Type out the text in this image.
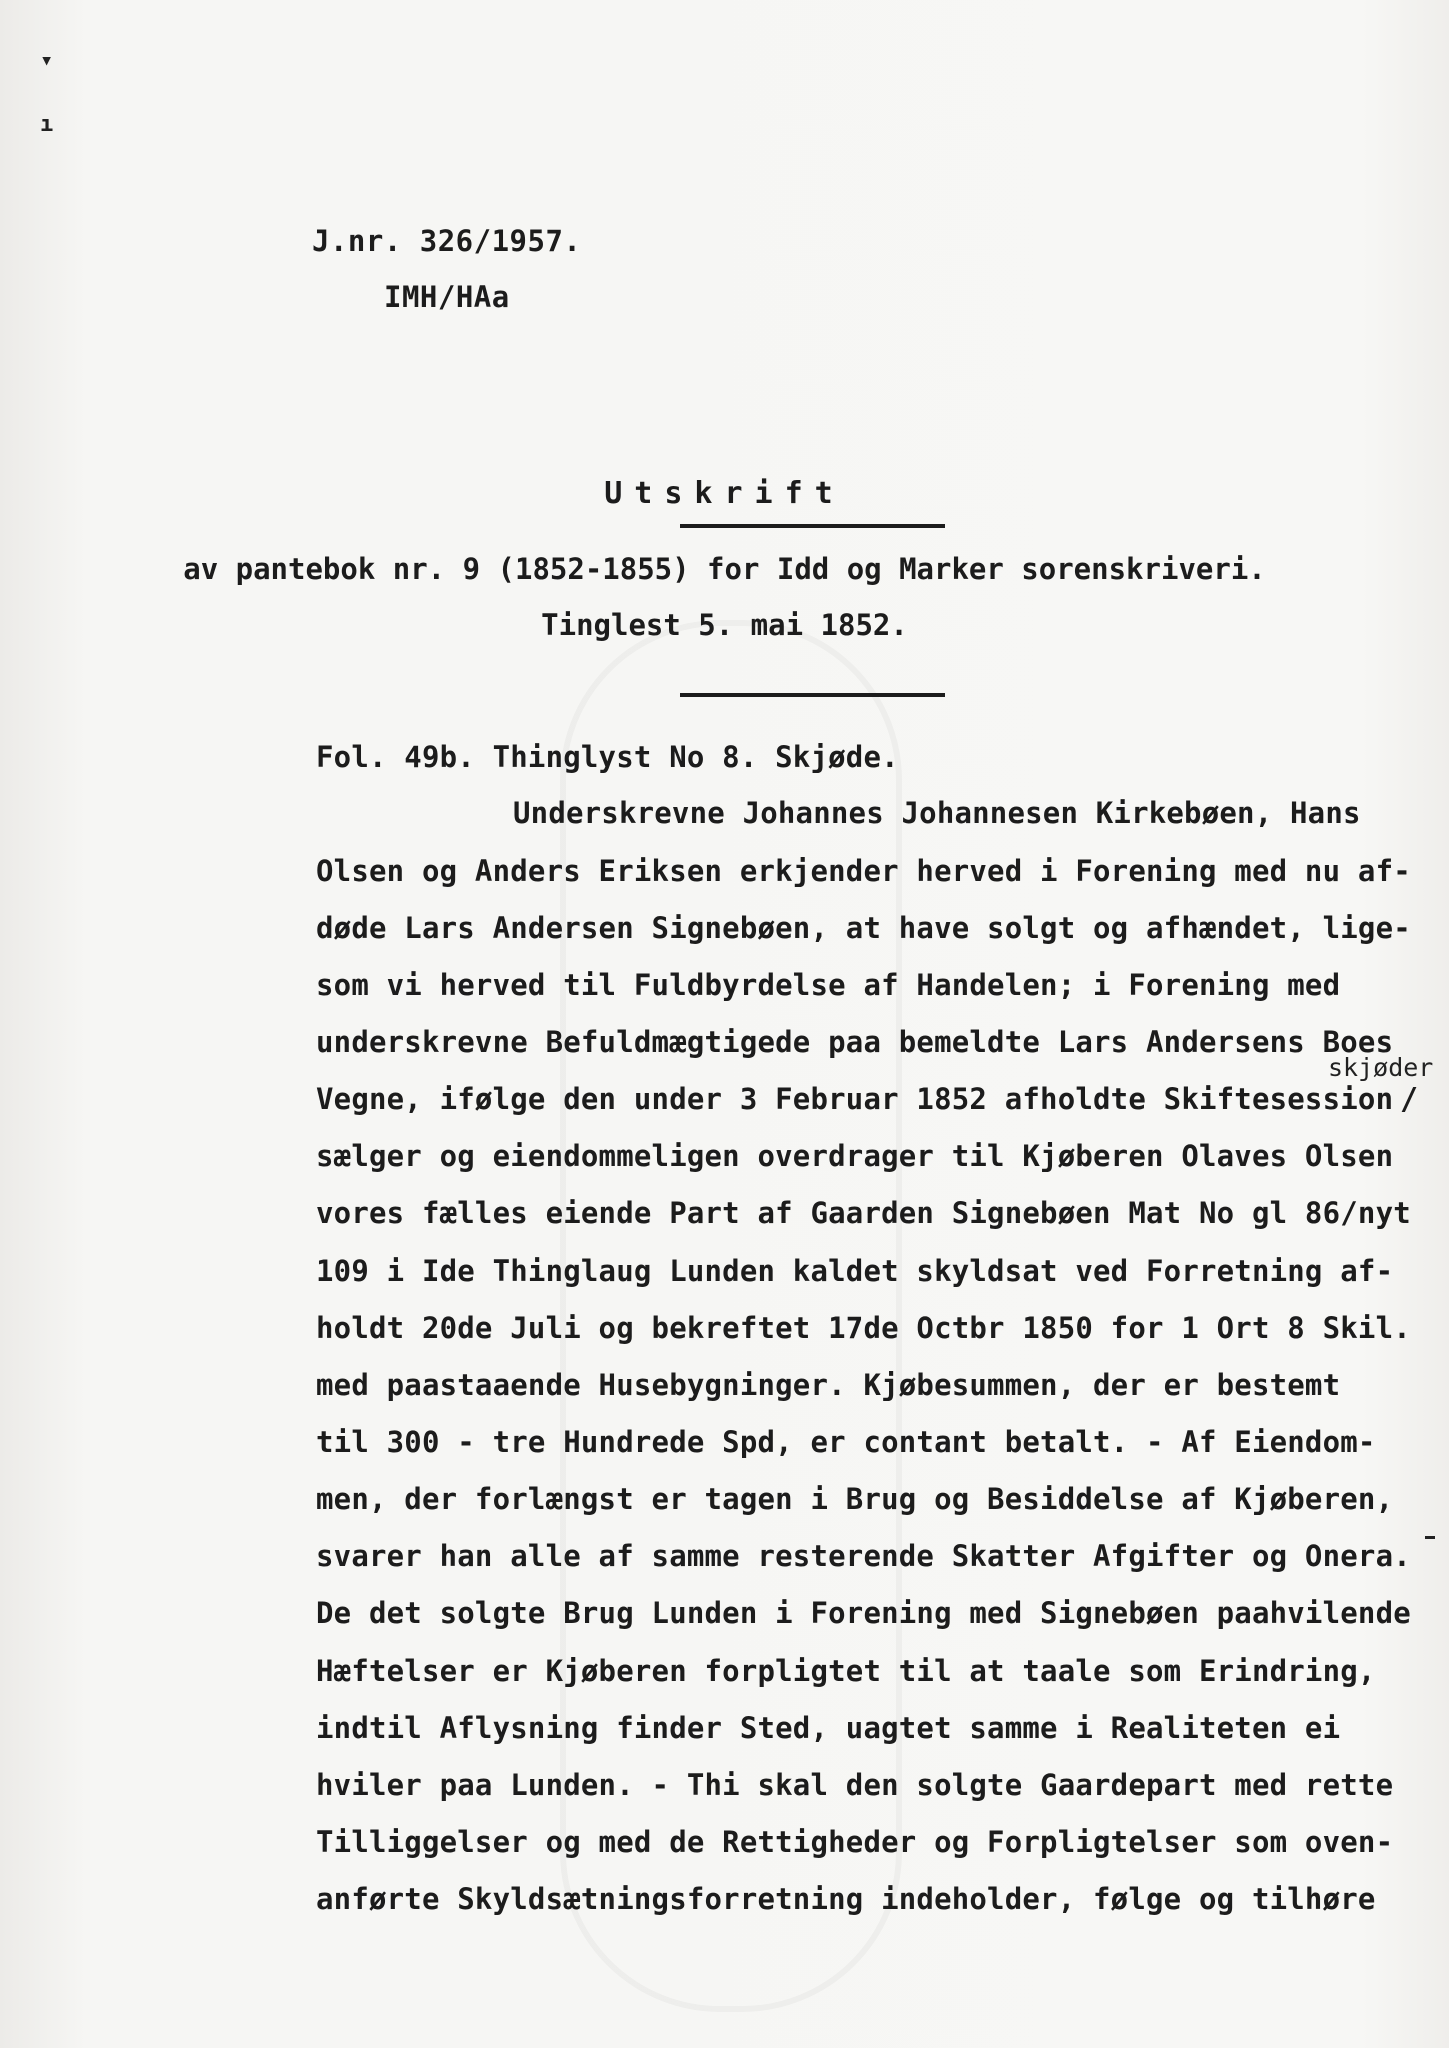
▾
ı
J.nr. 326/1957.
IMH/HAa
Utskrift
av pantebok nr. 9 (1852-1855) for Idd og Marker sorenskriveri.
Tinglest 5. mai 1852.
Fol. 49b. Thinglyst No 8. Skjøde.
Underskrevne Johannes Johannesen Kirkebøen, Hans
Olsen og Anders Eriksen erkjender herved i Forening med nu af-
døde Lars Andersen Signebøen, at have solgt og afhændet, lige-
som vi herved til Fuldbyrdelse af Handelen; i Forening med
underskrevne Befuldmægtigede paa bemeldte Lars Andersens Boes
skjøder
Vegne, ifølge den under 3 Februar 1852 afholdte Skiftesession /
sælger og eiendommeligen overdrager til Kjøberen Olaves Olsen
vores fælles eiende Part af Gaarden Signebøen Mat No gl 86/nyt
109 i Ide Thinglaug Lunden kaldet skyldsat ved Forretning af-
holdt 20de Juli og bekreftet 17de Octbr 1850 for 1 Ort 8 Skil.
med paastaaende Husebygninger. Kjøbesummen, der er bestemt
til 300 - tre Hundrede Spd, er contant betalt. - Af Eiendom-
men, der forlængst er tagen i Brug og Besiddelse af Kjøberen,
svarer han alle af samme resterende Skatter Afgifter og Onera.
De det solgte Brug Lunden i Forening med Signebøen paahvilende
Hæftelser er Kjøberen forpligtet til at taale som Erindring,
indtil Aflysning finder Sted, uagtet samme i Realiteten ei
hviler paa Lunden. - Thi skal den solgte Gaardepart med rette
Tilliggelser og med de Rettigheder og Forpligtelser som oven-
anførte Skyldsætningsforretning indeholder, følge og tilhøre
